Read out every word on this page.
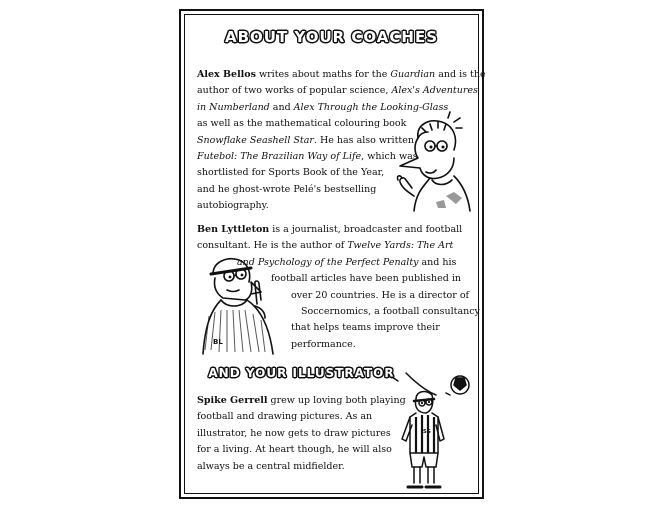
ABOUT YOUR COACHES
Alex Bellos writes about maths for the Guardian and is the
author of two works of popular science, Alex's Adventures
in Numberland and Alex Through the Looking-Glass
as well as the mathematical colouring book
Snowflake Seashell Star. He has also written
Futebol: The Brazilian Way of Life, which was
shortlisted for Sports Book of the Year,
and he ghost-wrote Pelé's bestselling
autobiography.
Ben Lyttleton is a journalist, broadcaster and football
consultant. He is the author of Twelve Yards: The Art
and Psychology of the Perfect Penalty and his
football articles have been published in
over 20 countries. He is a director of
Soccernomics, a football consultancy
that helps teams improve their
performance.
BL
AND YOUR ILLUSTRATOR
Spike Gerrell grew up loving both playing
football and drawing pictures. As an
illustrator, he now gets to draw pictures
for a living. At heart though, he will also
always be a central midfielder.
SG
